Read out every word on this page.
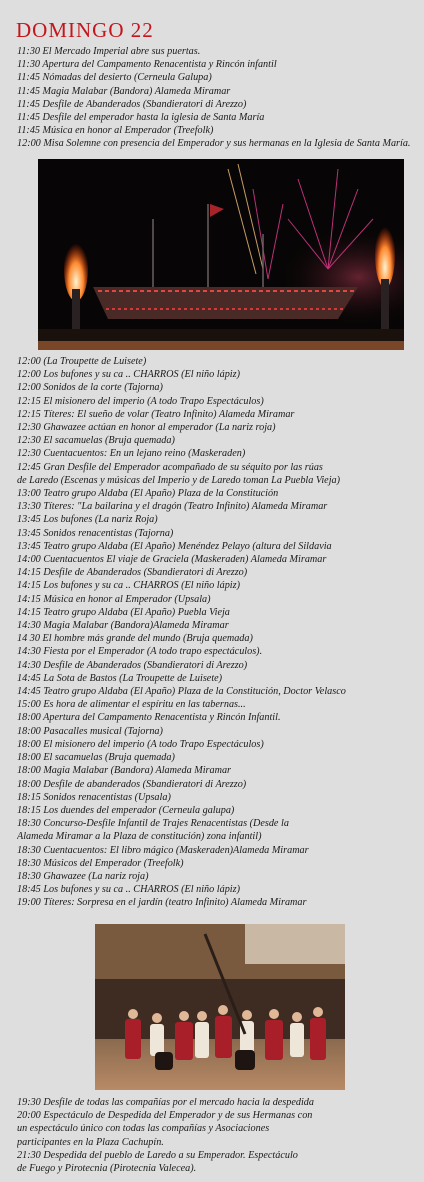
DOMINGO 22
11:30 El Mercado Imperial abre sus puertas.
11:30 Apertura del Campamento Renacentista y Rincón infantil
11:45 Nómadas del desierto (Cerneula Galupa)
11:45 Magia Malabar (Bandora) Alameda Miramar
11:45 Desfile de Abanderados (Sbandieratori di Arezzo)
11:45 Desfile del emperador hasta la iglesia de Santa María
11:45 Música en honor al Emperador (Treefolk)
12:00 Misa Solemne con presencia del Emperador y sus hermanas en la Iglesia de Santa María.
12:00 (La Troupette de Luisete)
12:00 Los bufones y su ca .. CHARROS (El niño lápiz)
12:00 Sonidos de la corte (Tajorna)
12:15 El misionero del imperio (A todo Trapo Espectáculos)
12:15 Títeres: El sueño de volar (Teatro Infinito) Alameda Miramar
12:30 Ghawazee actúan en honor al emperador (La nariz roja)
12:30 El sacamuelas (Bruja quemada)
12:30 Cuentacuentos: En un lejano reino (Maskeraden)
12:45 Gran Desfile del Emperador acompañado de su séquito por las rúas
de Laredo (Escenas y músicas del Imperio y de Laredo toman La Puebla Vieja)
13:00 Teatro grupo Aldaba (El Apaño) Plaza de la Constitución
13:30 Títeres: "La bailarina y el dragón (Teatro Infinito) Alameda Miramar
13:45 Los bufones (La nariz Roja)
13:45 Sonidos renacentistas (Tajorna)
13:45 Teatro grupo Aldaba (El Apaño) Menéndez Pelayo (altura del Sildavia
14:00 Cuentacuentos El viaje de Graciela (Maskeraden) Alameda Miramar
14:15 Desfile de Abanderados (Sbandieratori di Arezzo)
14:15 Los bufones y su ca .. CHARROS (El niño lápiz)
14:15 Música en honor al Emperador (Upsala)
14:15 Teatro grupo Aldaba (El Apaño) Puebla Vieja
14:30 Magia Malabar (Bandora)Alameda Miramar
14 30 El hombre más grande del mundo (Bruja quemada)
14:30 Fiesta por el Emperador (A todo trapo espectáculos).
14:30 Desfile de Abanderados (Sbandieratori di Arezzo)
14:45 La Sota de Bastos (La Troupette de Luisete)
14:45 Teatro grupo Aldaba (El Apaño) Plaza de la Constitución, Doctor Velasco
15:00 Es hora de alimentar el espíritu en las tabernas...
18:00 Apertura del Campamento Renacentista y Rincón Infantil.
18:00 Pasacalles musical (Tajorna)
18:00 El misionero del imperio (A todo Trapo Espectáculos)
18:00 El sacamuelas (Bruja quemada)
18:00 Magia Malabar (Bandora) Alameda Miramar
18:00 Desfile de abanderados (Sbandieratori di Arezzo)
18:15 Sonidos renacentistas (Upsala)
18:15 Los duendes del emperador (Cerneula galupa)
18:30 Concurso-Desfile Infantil de Trajes Renacentistas (Desde la
Alameda Miramar a la Plaza de constitución) zona infantil)
18:30 Cuentacuentos: El libro mágico (Maskeraden)Alameda Miramar
18:30 Músicos del Emperador (Treefolk)
18:30 Ghawazee (La nariz roja)
18:45 Los bufones y su ca .. CHARROS (El niño lápiz)
19:00 Títeres: Sorpresa en el jardín (teatro Infinito) Alameda Miramar
19:30 Desfile de todas las compañías por el mercado hacia la despedida
20:00 Espectáculo de Despedida del Emperador y de sus Hermanas con
un espectáculo único con todas las compañías y Asociaciones
participantes en la Plaza Cachupín.
21:30 Despedida del pueblo de Laredo a su Emperador. Espectáculo
de Fuego y Pirotecnia (Pirotecnia Valecea).
